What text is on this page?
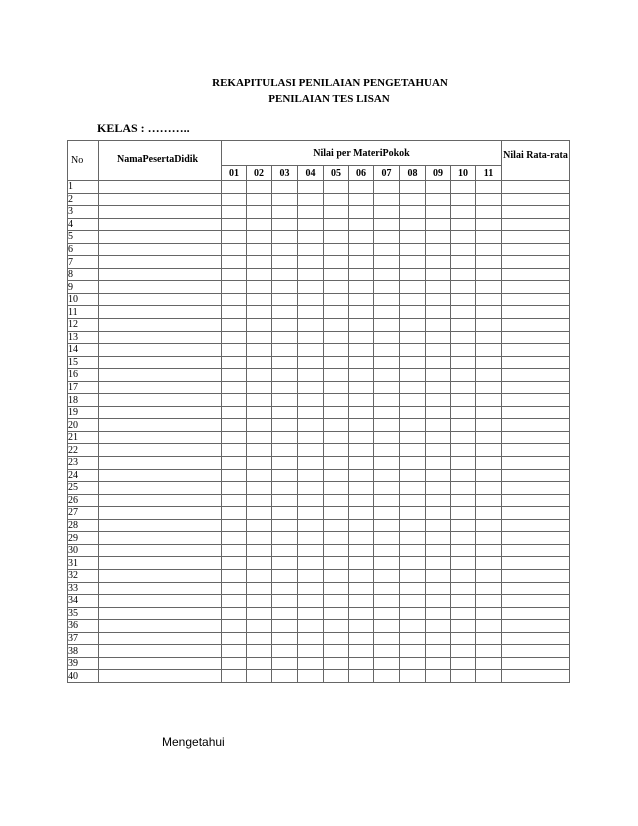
REKAPITULASI PENILAIAN PENGETAHUAN
PENILAIAN TES LISAN
KELAS : ………..
No	NamaPesertaDidik	Nilai per MateriPokok											Nilai Rata-rata
		01	02	03	04	05	06	07	08	09	10	11	
1													
2													
3													
4													
5													
6													
7													
8													
9													
10													
11													
12													
13													
14													
15													
16													
17													
18													
19													
20													
21													
22													
23													
24													
25													
26													
27													
28													
29													
30													
31													
32													
33													
34													
35													
36													
37													
38													
39													
40													
Mengetahui
